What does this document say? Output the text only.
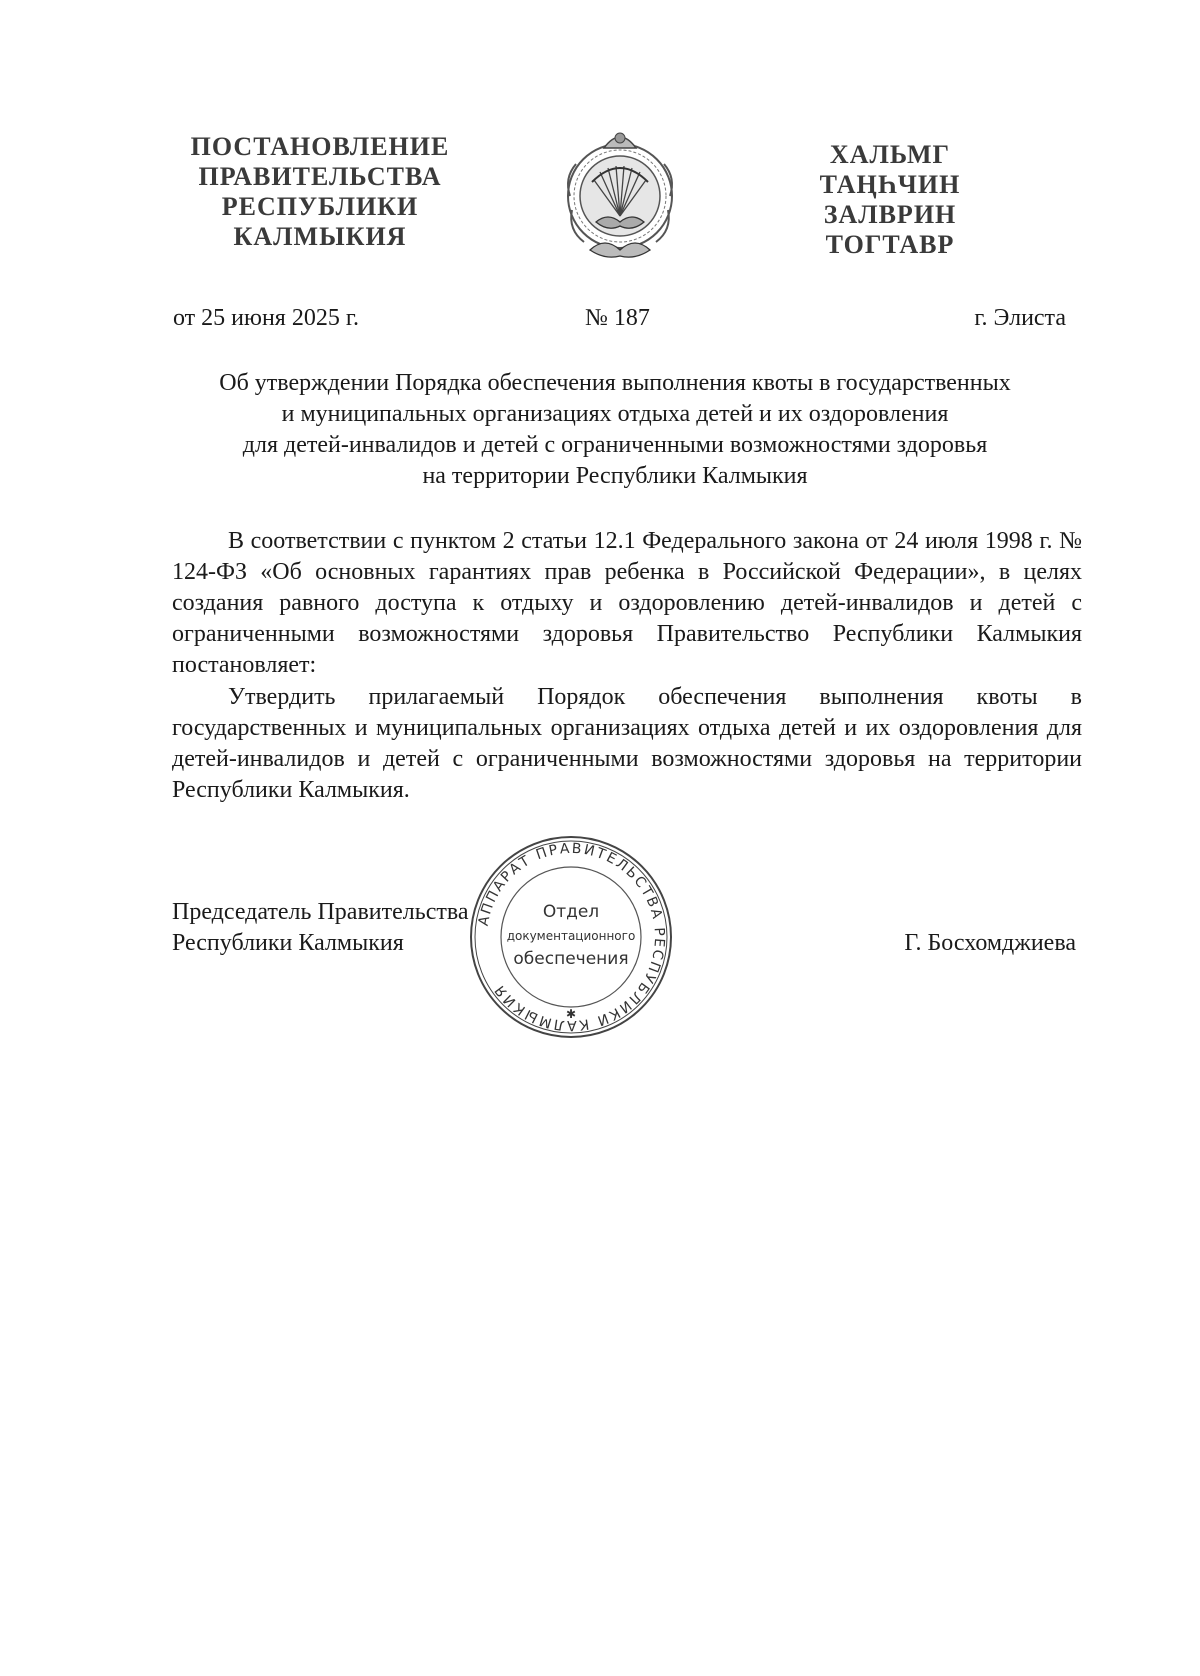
ПОСТАНОВЛЕНИЕ
ПРАВИТЕЛЬСТВА
РЕСПУБЛИКИ
КАЛМЫКИЯ
ХАЛЬМГ
ТАҢҺЧИН
ЗАЛВРИН
ТОГТАВР
от 25 июня 2025 г.	№ 187	г. Элиста
Об утверждении Порядка обеспечения выполнения квоты в государственных
и муниципальных организациях отдыха детей и их оздоровления
для детей-инвалидов и детей с ограниченными возможностями здоровья
на территории Республики Калмыкия

В соответствии с пунктом 2 статьи 12.1 Федерального закона от 24 июля 1998 г. № 124-ФЗ «Об основных гарантиях прав ребенка в Российской Федерации», в целях создания равного доступа к отдыху и оздоровлению детей-инвалидов и детей с ограниченными возможностями здоровья Правительство Республики Калмыкия постановляет:

Утвердить прилагаемый Порядок обеспечения выполнения квоты в государственных и муниципальных организациях отдыха детей и их оздоровления для детей-инвалидов и детей с ограниченными возможностями здоровья на территории Республики Калмыкия.

Председатель Правительства
Республики Калмыкия	Г. Босхомджиева
АППАРАТ ПРАВИТЕЛЬСТВА РЕСПУБЛИКИ КАЛМЫКИЯ
✱
Отдел
документационного
обеспечения
